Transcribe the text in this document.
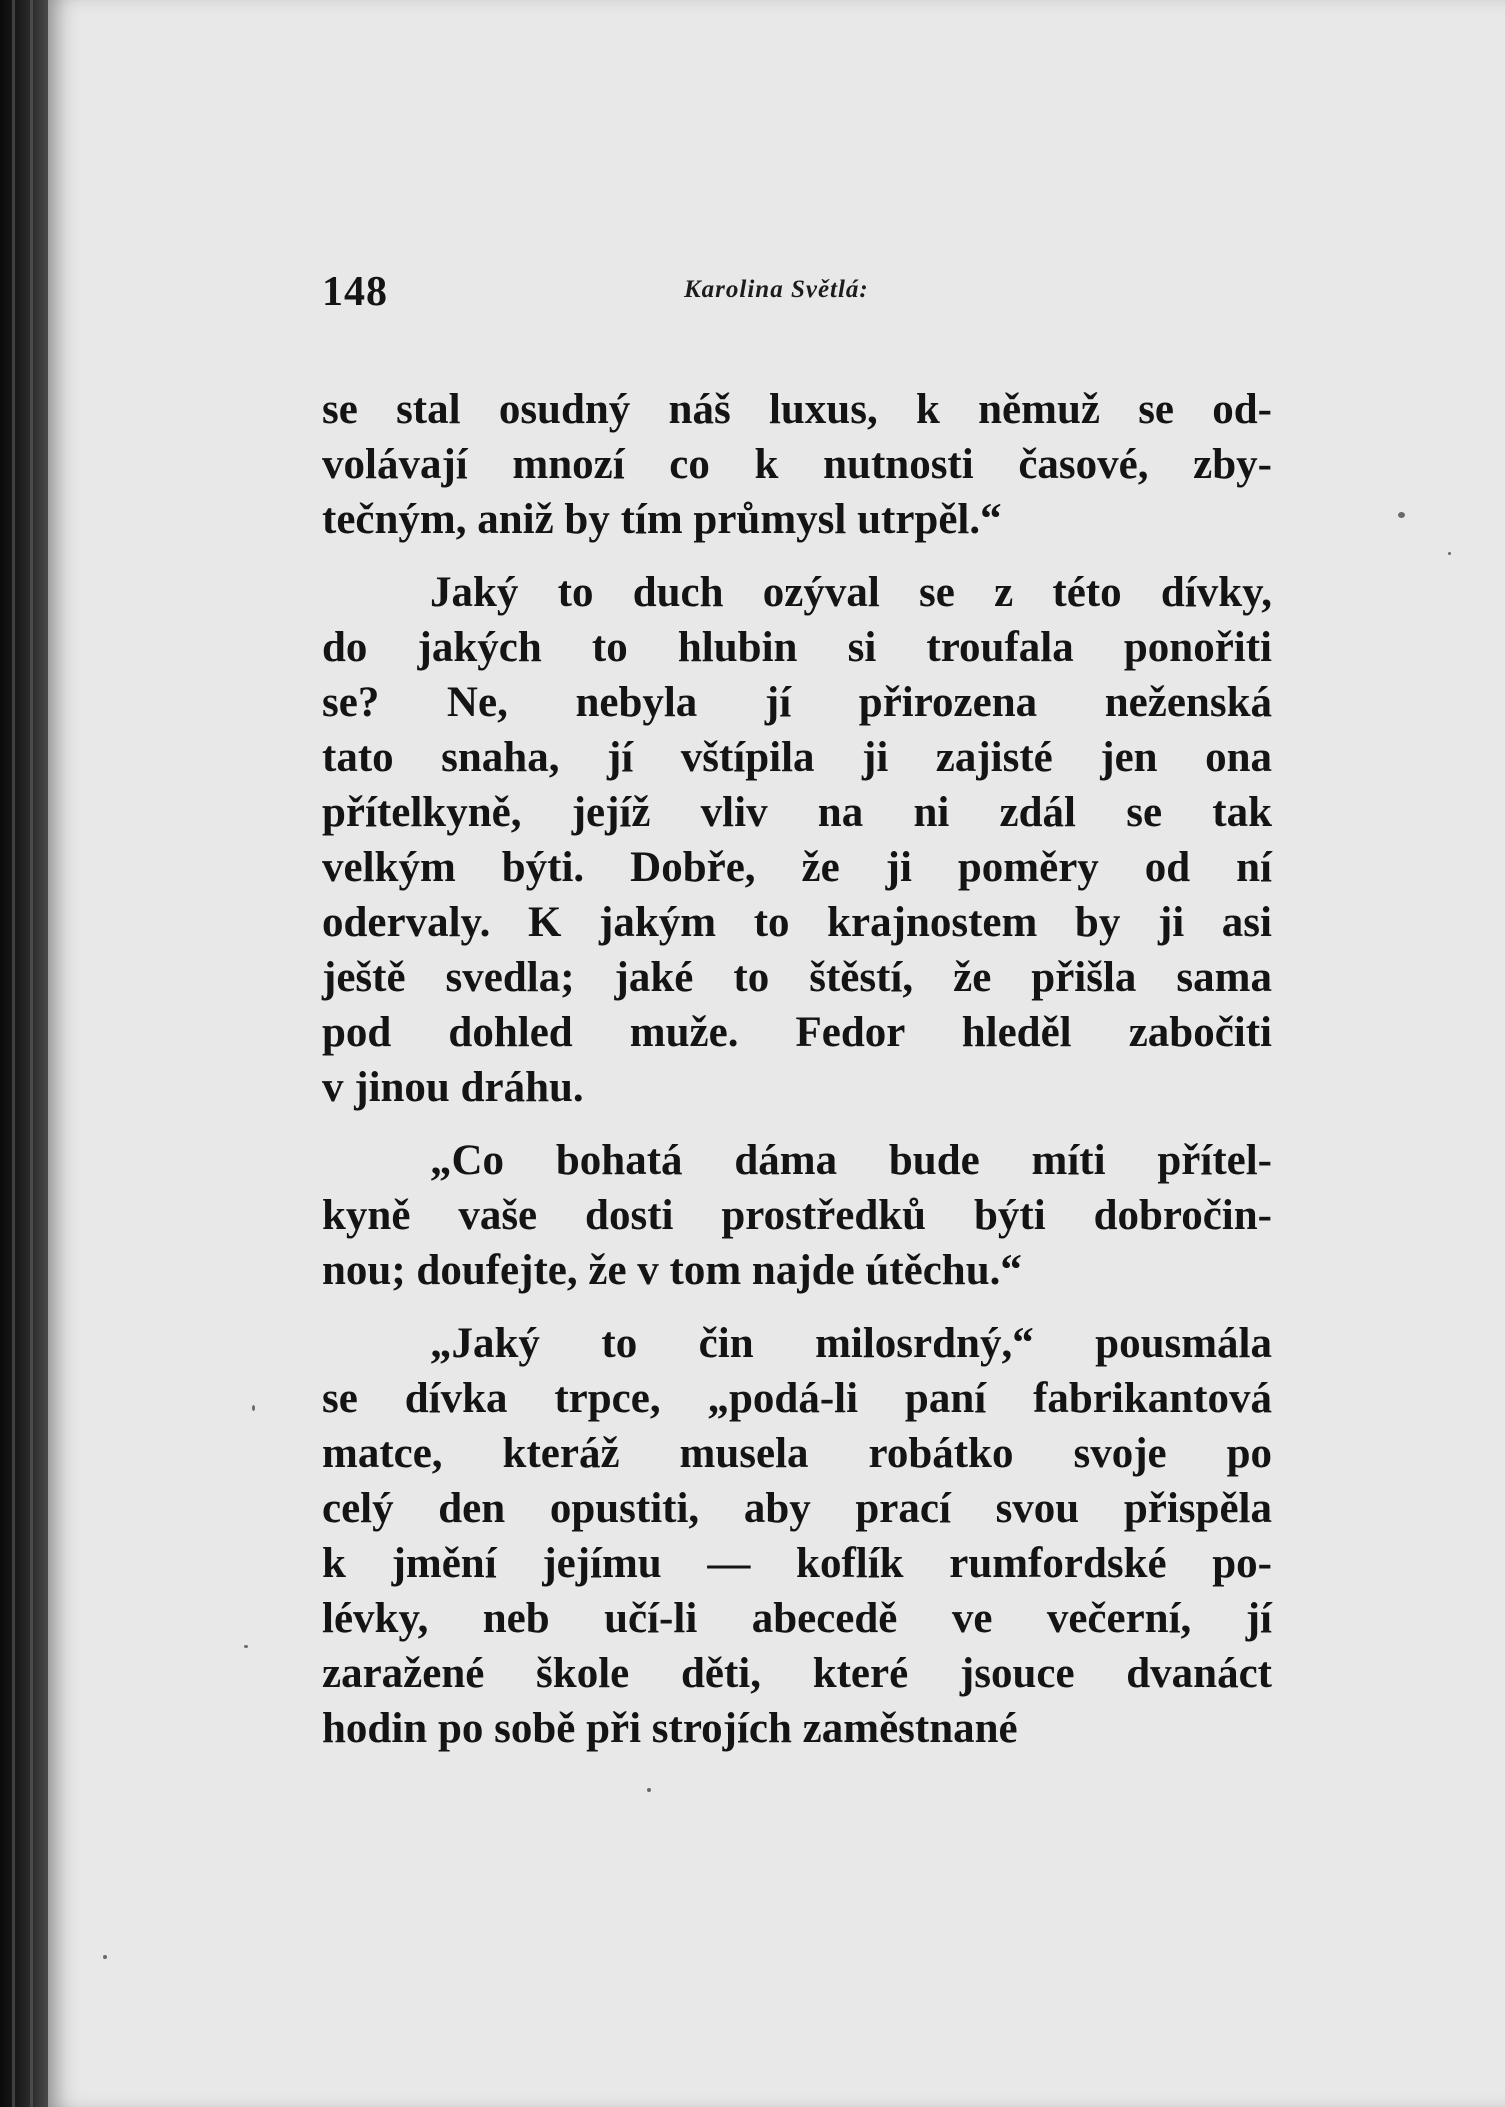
148	Karolina Světlá:
se stal osudný náš luxus, k němuž se od-
volávají mnozí co k nutnosti časové, zby-
tečným, aniž by tím průmysl utrpěl.“
Jaký to duch ozýval se z této dívky,
do jakých to hlubin si troufala ponořiti
se? Ne, nebyla jí přirozena neženská
tato snaha, jí vštípila ji zajisté jen ona
přítelkyně, jejíž vliv na ni zdál se tak
velkým býti. Dobře, že ji poměry od ní
odervaly. K jakým to krajnostem by ji asi
ještě svedla; jaké to štěstí, že přišla sama
pod dohled muže. Fedor hleděl zabočiti
v jinou dráhu.
„Co bohatá dáma bude míti přítel-
kyně vaše dosti prostředků býti dobročin-
nou; doufejte, že v tom najde útěchu.“
„Jaký to čin milosrdný,“ pousmála
se dívka trpce, „podá-li paní fabrikantová
matce, kteráž musela robátko svoje po
celý den opustiti, aby prací svou přispěla
k jmění jejímu — koflík rumfordské po-
lévky, neb učí-li abecedě ve večerní, jí
zaražené škole děti, které jsouce dvanáct
hodin po sobě při strojích zaměstnané
